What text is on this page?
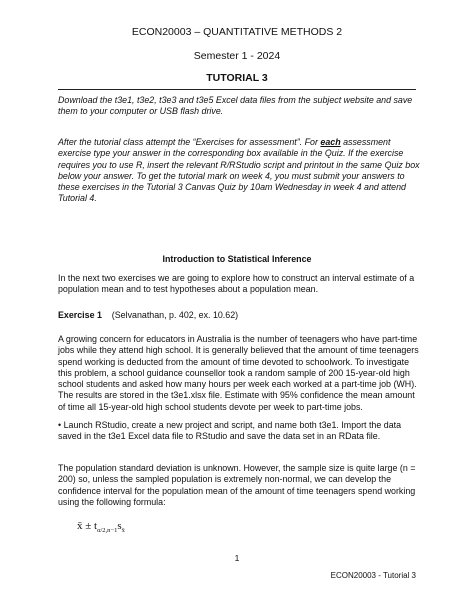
ECON20003 – QUANTITATIVE METHODS 2
Semester 1 - 2024
TUTORIAL 3
Download the t3e1, t3e2, t3e3 and t3e5 Excel data files from the subject website and save
them to your computer or USB flash drive.
After the tutorial class attempt the “Exercises for assessment”. For each assessment
exercise type your answer in the corresponding box available in the Quiz. If the exercise
requires you to use R, insert the relevant R/RStudio script and printout in the same Quiz box
below your answer. To get the tutorial mark on week 4, you must submit your answers to
these exercises in the Tutorial 3 Canvas Quiz by 10am Wednesday in week 4 and attend
Tutorial 4.
Introduction to Statistical Inference
In the next two exercises we are going to explore how to construct an interval estimate of a
population mean and to test hypotheses about a population mean.
Exercise 1 (Selvanathan, p. 402, ex. 10.62)
A growing concern for educators in Australia is the number of teenagers who have part-time
jobs while they attend high school. It is generally believed that the amount of time teenagers
spend working is deducted from the amount of time devoted to schoolwork. To investigate
this problem, a school guidance counsellor took a random sample of 200 15-year-old high
school students and asked how many hours per week each worked at a part-time job (WH).
The results are stored in the t3e1.xlsx file. Estimate with 95% confidence the mean amount
of time all 15-year-old high school students devote per week to part-time jobs.
• Launch RStudio, create a new project and script, and name both t3e1. Import the data
saved in the t3e1 Excel data file to RStudio and save the data set in an RData file.
The population standard deviation is unknown. However, the sample size is quite large (n =
200) so, unless the sampled population is extremely non-normal, we can develop the
confidence interval for the population mean of the amount of time teenagers spend working
using the following formula:
x̄ ± $t_{\alpha/2,n-1}s_{x̄}$
1
ECON20003 - Tutorial 3
